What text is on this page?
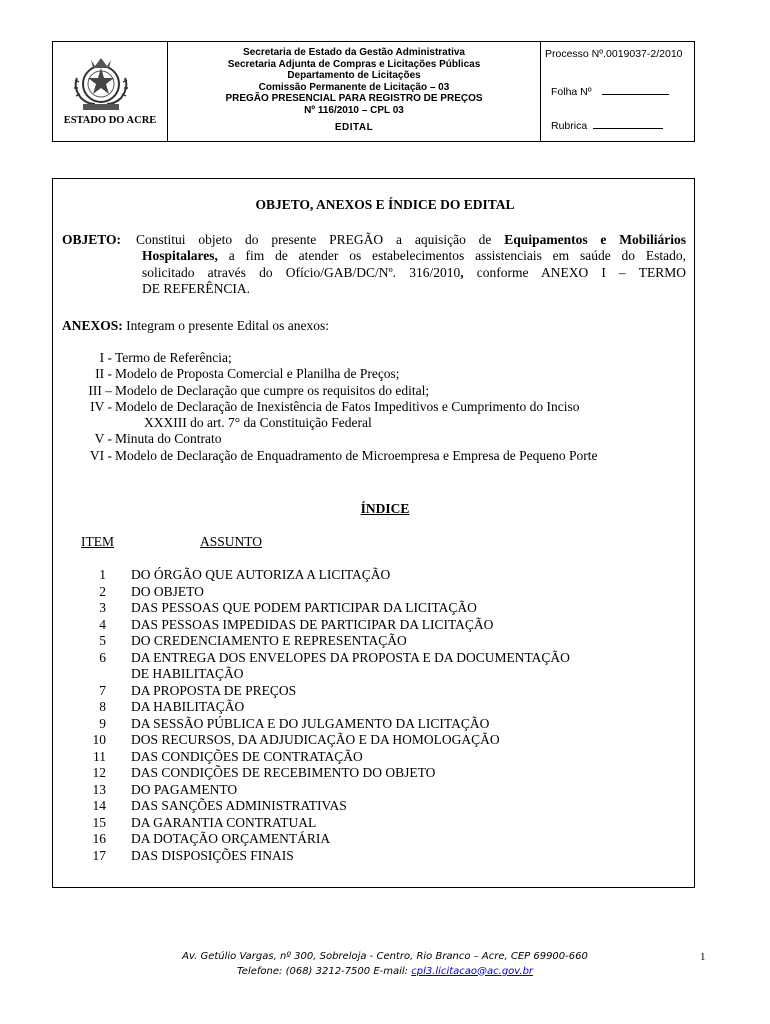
ESTADO DO ACRE
Secretaria de Estado da Gestão Administrativa
Secretaria Adjunta de Compras e Licitações Públicas
Departamento de Licitações
Comissão Permanente de Licitação – 03
PREGÃO PRESENCIAL PARA REGISTRO DE PREÇOS
Nº 116/2010 – CPL 03
EDITAL
Processo Nº.0019037-2/2010
Folha Nº
Rubrica
OBJETO, ANEXOS E ÍNDICE DO EDITAL
OBJETO: Constitui objeto do presente PREGÃO a aquisição de Equipamentos e Mobiliários
Hospitalares, a fim de atender os estabelecimentos assistenciais em saúde do Estado,
solicitado através do Ofício/GAB/DC/Nº. 316/2010, conforme ANEXO I – TERMO
DE REFERÊNCIA.
ANEXOS: Integram o presente Edital os anexos:
I - Termo de Referência;
II - Modelo de Proposta Comercial e Planilha de Preços;
III – Modelo de Declaração que cumpre os requisitos do edital;
IV - Modelo de Declaração de Inexistência de Fatos Impeditivos e Cumprimento do Inciso
XXXIII do art. 7° da Constituição Federal
V - Minuta do Contrato
VI - Modelo de Declaração de Enquadramento de Microempresa e Empresa de Pequeno Porte
ÍNDICE
ITEM	ASSUNTO
1	DO ÓRGÃO QUE AUTORIZA A LICITAÇÃO
2	DO OBJETO
3	DAS PESSOAS QUE PODEM PARTICIPAR DA LICITAÇÃO
4	DAS PESSOAS IMPEDIDAS DE PARTICIPAR DA LICITAÇÃO
5	DO CREDENCIAMENTO E REPRESENTAÇÃO
6	DA ENTREGA DOS ENVELOPES DA PROPOSTA E DA DOCUMENTAÇÃO
DE HABILITAÇÃO
7	DA PROPOSTA DE PREÇOS
8	DA HABILITAÇÃO
9	DA SESSÃO PÚBLICA E DO JULGAMENTO DA LICITAÇÃO
10	DOS RECURSOS, DA ADJUDICAÇÃO E DA HOMOLOGAÇÃO
11	DAS CONDIÇÕES DE CONTRATAÇÃO
12	DAS CONDIÇÕES DE RECEBIMENTO DO OBJETO
13	DO PAGAMENTO
14	DAS SANÇÕES ADMINISTRATIVAS
15	DA GARANTIA CONTRATUAL
16	DA DOTAÇÃO ORÇAMENTÁRIA
17	DAS DISPOSIÇÕES FINAIS
Av. Getúlio Vargas, nº 300, Sobreloja - Centro, Rio Branco – Acre, CEP 69900-660
Telefone: (068) 3212-7500 E-mail: cpl3.licitacao@ac.gov.br
1
